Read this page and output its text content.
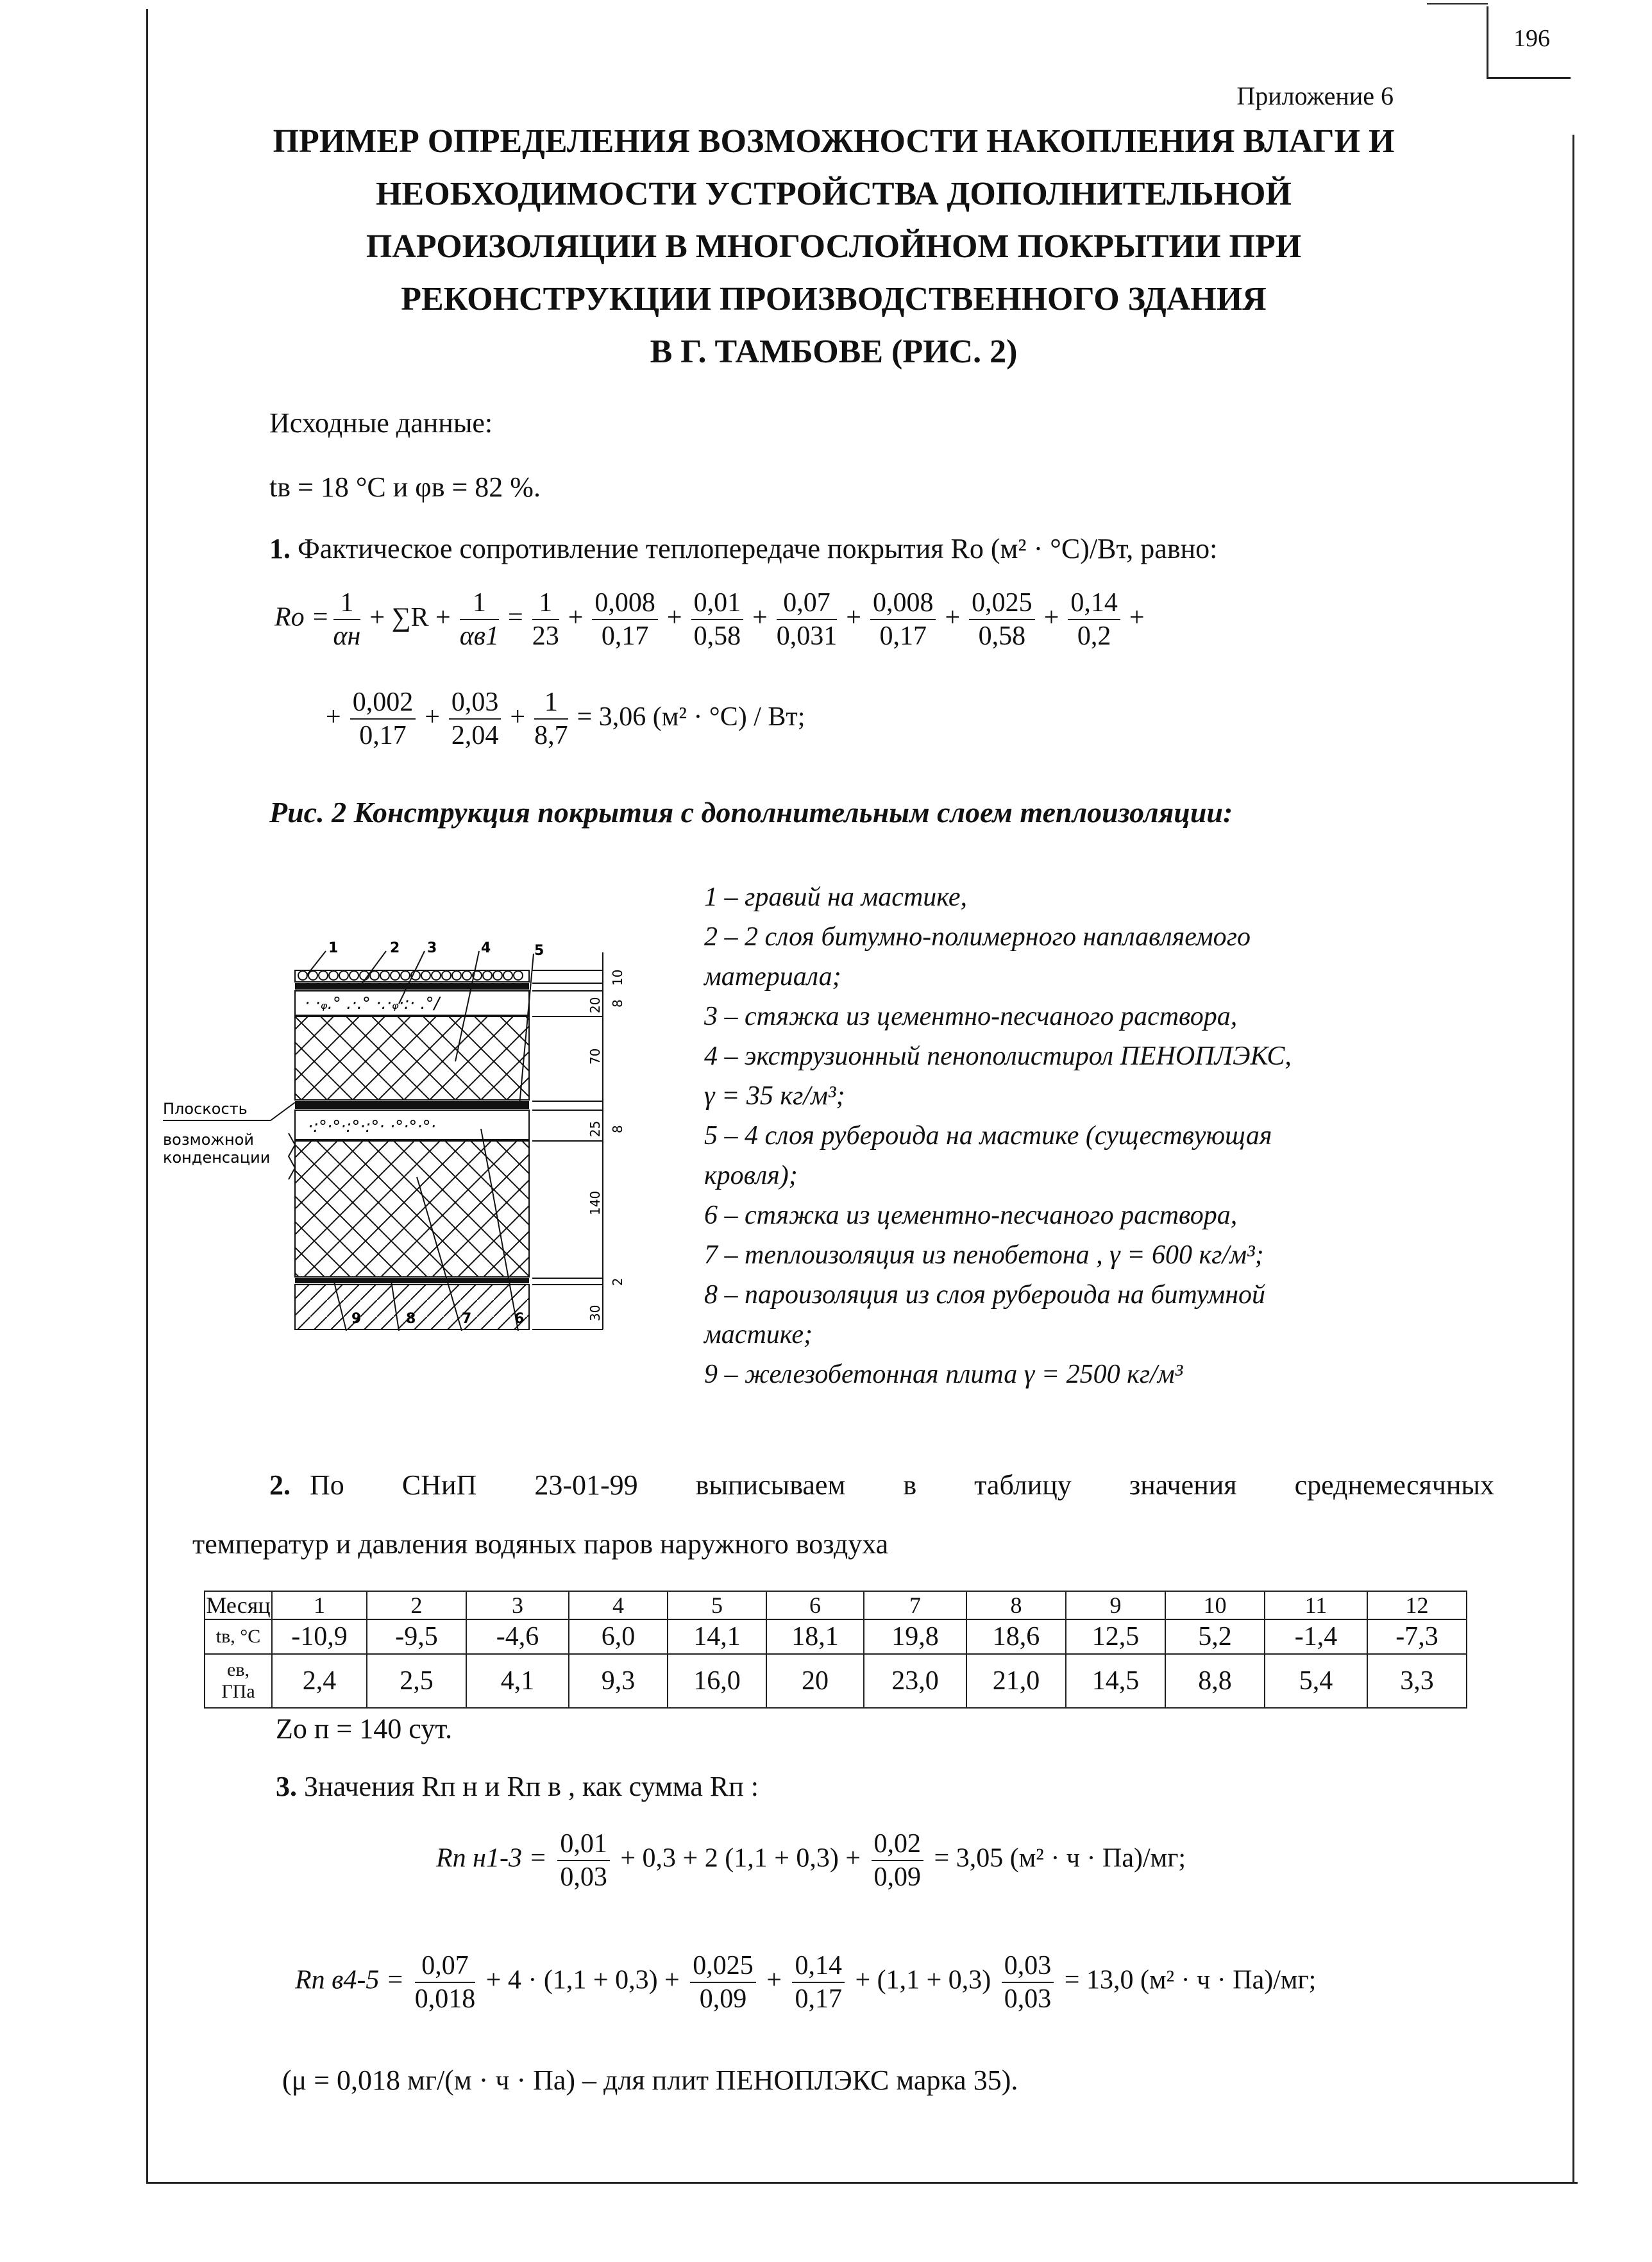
196
Приложение 6
ПРИМЕР ОПРЕДЕЛЕНИЯ ВОЗМОЖНОСТИ НАКОПЛЕНИЯ ВЛАГИ И
НЕОБХОДИМОСТИ УСТРОЙСТВА ДОПОЛНИТЕЛЬНОЙ
ПАРОИЗОЛЯЦИИ В МНОГОСЛОЙНОМ ПОКРЫТИИ ПРИ
РЕКОНСТРУКЦИИ ПРОИЗВОДСТВЕННОГО ЗДАНИЯ
В Г. ТАМБОВЕ (РИС. 2)
Исходные данные:
tв = 18 °С и φв = 82 %.
1. Фактическое сопротивление теплопередаче покрытия Ro (м² · °С)/Вт, равно:
$Ro = \frac{1}{\alpha н} + \sum R + \frac{1}{\alpha в1} = \frac{1}{23} + \frac{0,008}{0,17} + \frac{0,01}{0,58} + \frac{0,07}{0,031} + \frac{0,008}{0,17} + \frac{0,025}{0,58} + \frac{0,14}{0,2}$ +
+ $\frac{0,002}{0,17} + \frac{0,03}{2,04} + \frac{1}{8,7} = 3,06$ (м² · °С) / Вт;
Рис. 2 Конструкция покрытия с дополнительным слоем теплоизоляции:
· ·ᵩ.° .·.° ·.·ᵩ·:· .°/
·:°·°·:°·:°· ·°·°·°·
10
20 8
70
25 8
140
2
30
1	2 3	4	5
Плоскость
возможной
конденсации
9	8	7	6
1 – гравий на мастике,
2 – 2 слоя битумно-полимерного наплавляемого
материала;
3 – стяжка из цементно-песчаного раствора,
4 – экструзионный пенополистирол ПЕНОПЛЭКС,
γ = 35 кг/м³;
5 – 4 слоя рубероида на мастике (существующая
кровля);
6 – стяжка из цементно-песчаного раствора,
7 – теплоизоляция из пенобетона , γ = 600 кг/м³;
8 – пароизоляция из слоя рубероида на битумной
мастике;
9 – железобетонная плита γ = 2500 кг/м³
2. По СНиП 23-01-99 выписываем в таблицу значения среднемесячных
температур и давления водяных паров наружного воздуха
Месяц	1	2	3	4	5	6	7	8	9	10	11	12
tв, °С	-10,9	-9,5	-4,6	6,0	14,1	18,1	19,8	18,6	12,5	5,2	-1,4	-7,3

eв,
ГПа	2,4	2,5	4,1	9,3	16,0	20	23,0	21,0	14,5	8,8	5,4	3,3
Zо п = 140 сут.
3. Значения Rп н и Rп в , как сумма Rп :
Rп $н1-3 = \frac{0,01}{0,03} + 0,3 + 2$ $(1,1 + 0,3) + \frac{0,02}{0,09} = 3,05$ (м² · ч · Па)/мг;
Rп $в4-5 = \frac{0,07}{0,018} + 4 \cdot (1,1 + 0,3) + \frac{0,025}{0,09} + \frac{0,14}{0,17} + (1,1 + 0,3) \frac{0,03}{0,03} = 13,0$ (м² · ч · Па)/мг;
(μ = 0,018 мг/(м · ч · Па) – для плит ПЕНОПЛЭКС марка 35).
